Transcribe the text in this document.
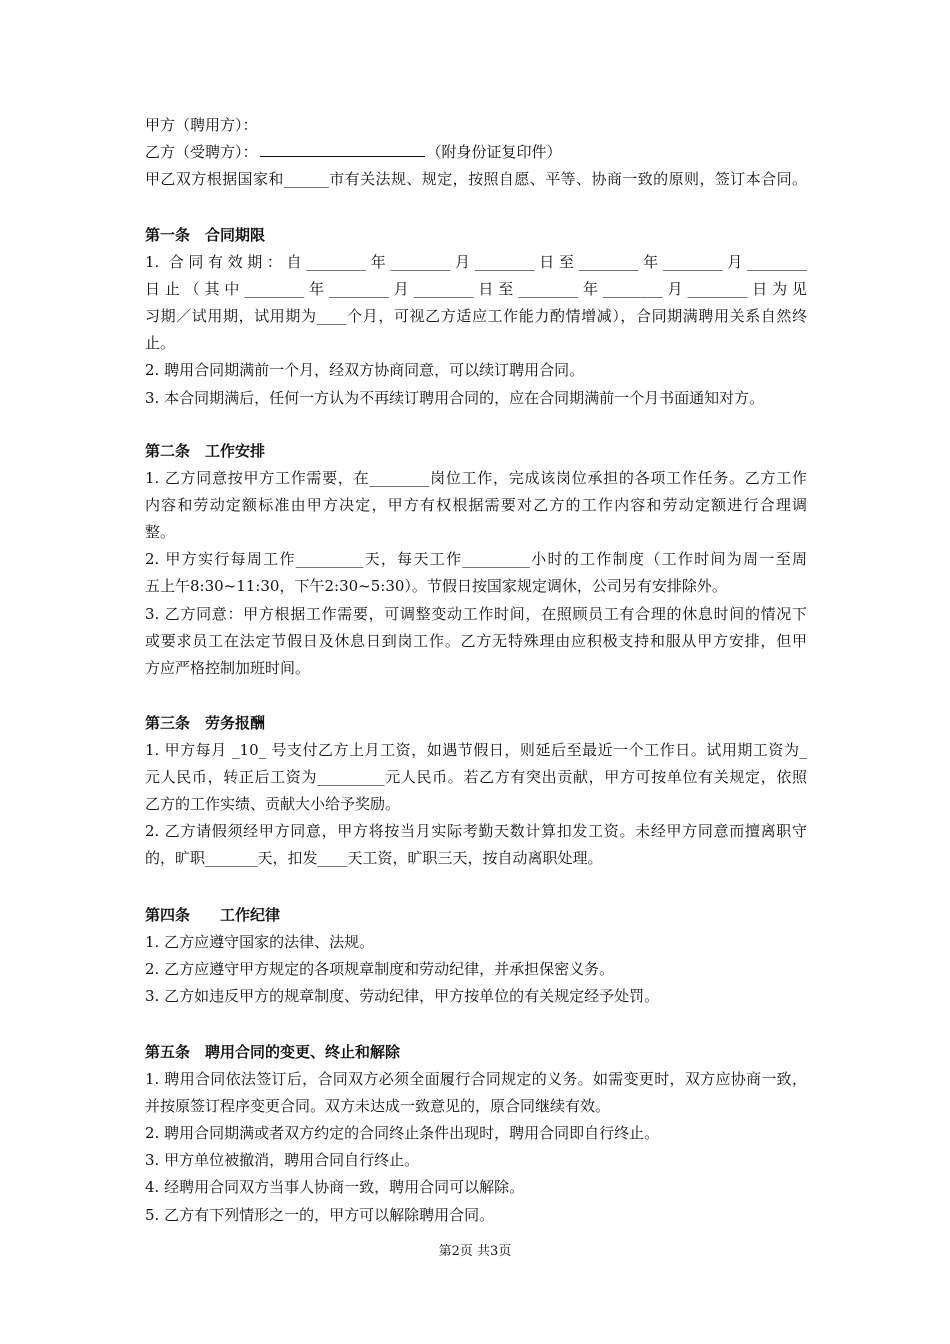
甲方（聘用方）：
乙方（受聘方）：	（附身份证复印件）
甲乙双方根据国家和______市有关法规、规定，按照自愿、平等、协商一致的原则，签订本合同。
第一条　合同期限
1. 合同有效期：自________年________月________日至________年________月________
日止（其中________年________月________日至________年________月________日为见
习期／试用期，试用期为____个月，可视乙方适应工作能力酌情增减），合同期满聘用关系自然终
止。
2. 聘用合同期满前一个月，经双方协商同意，可以续订聘用合同。
3. 本合同期满后，任何一方认为不再续订聘用合同的，应在合同期满前一个月书面通知对方。
第二条　工作安排
1. 乙方同意按甲方工作需要，在________岗位工作，完成该岗位承担的各项工作任务。乙方工作
内容和劳动定额标准由甲方决定，甲方有权根据需要对乙方的工作内容和劳动定额进行合理调
整。
2. 甲方实行每周工作_________天，每天工作_________小时的工作制度（工作时间为周一至周
五上午8:30~11:30，下午2:30~5:30）。节假日按国家规定调休，公司另有安排除外。
3. 乙方同意：甲方根据工作需要，可调整变动工作时间，在照顾员工有合理的休息时间的情况下
或要求员工在法定节假日及休息日到岗工作。乙方无特殊理由应积极支持和服从甲方安排，但甲
方应严格控制加班时间。
第三条　劳务报酬
1. 甲方每月 _10_ 号支付乙方上月工资，如遇节假日，则延后至最近一个工作日。试用期工资为_
元人民币，转正后工资为_________元人民币。若乙方有突出贡献，甲方可按单位有关规定，依照
乙方的工作实绩、贡献大小给予奖励。
2. 乙方请假须经甲方同意，甲方将按当月实际考勤天数计算扣发工资。未经甲方同意而擅离职守
的，旷职_______天，扣发____天工资，旷职三天，按自动离职处理。
第四条　　工作纪律
1. 乙方应遵守国家的法律、法规。
2. 乙方应遵守甲方规定的各项规章制度和劳动纪律，并承担保密义务。
3. 乙方如违反甲方的规章制度、劳动纪律，甲方按单位的有关规定经予处罚。
第五条　聘用合同的变更、终止和解除
1. 聘用合同依法签订后，合同双方必须全面履行合同规定的义务。如需变更时，双方应协商一致，
并按原签订程序变更合同。双方未达成一致意见的，原合同继续有效。
2. 聘用合同期满或者双方约定的合同终止条件出现时，聘用合同即自行终止。
3. 甲方单位被撤消，聘用合同自行终止。
4. 经聘用合同双方当事人协商一致，聘用合同可以解除。
5. 乙方有下列情形之一的，甲方可以解除聘用合同。
第2页 共3页
